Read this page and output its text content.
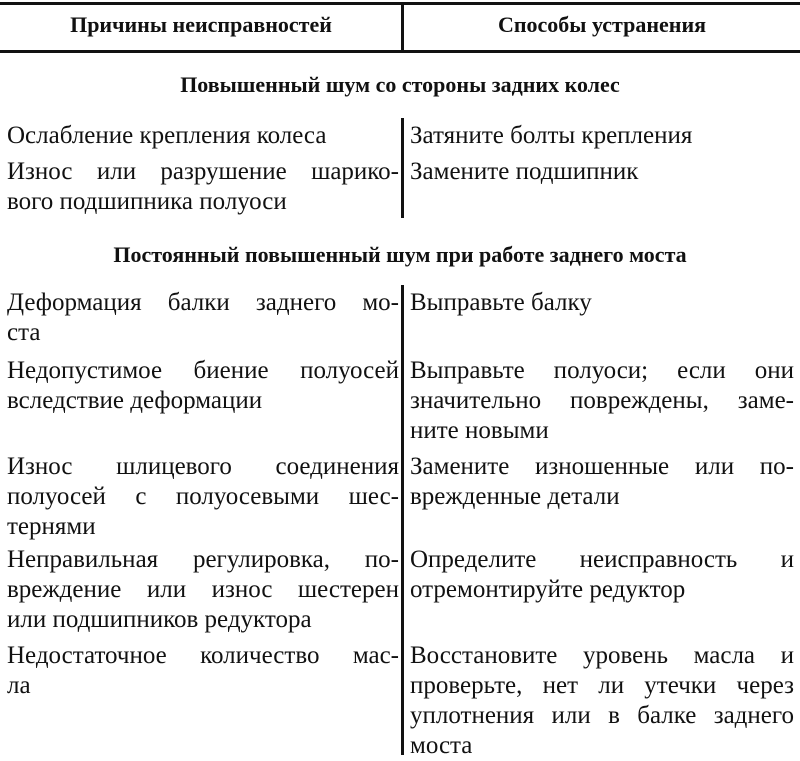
Причины неисправностей	Способы устранения
Повышенный шум со стороны задних колес
Ослабление крепления колеса	Затяните болты крепления
Износ или разрушение шарико-
вого подшипника полуоси
Замените подшипник
Постоянный повышенный шум при работе заднего моста
Деформация балки заднего мо-
ста
Выправьте балку
Недопустимое биение полуосей
вследствие деформации
Выправьте полуоси; если они
значительно повреждены, заме-
ните новыми
Износ шлицевого соединения
полуосей с полуосевыми шес-
тернями
Замените изношенные или по-
врежденные детали
Неправильная регулировка, по-
вреждение или износ шестерен
или подшипников редуктора
Определите неисправность и
отремонтируйте редуктор
Недостаточное количество мас-
ла
Восстановите уровень масла и
проверьте, нет ли утечки через
уплотнения или в балке заднего
моста
